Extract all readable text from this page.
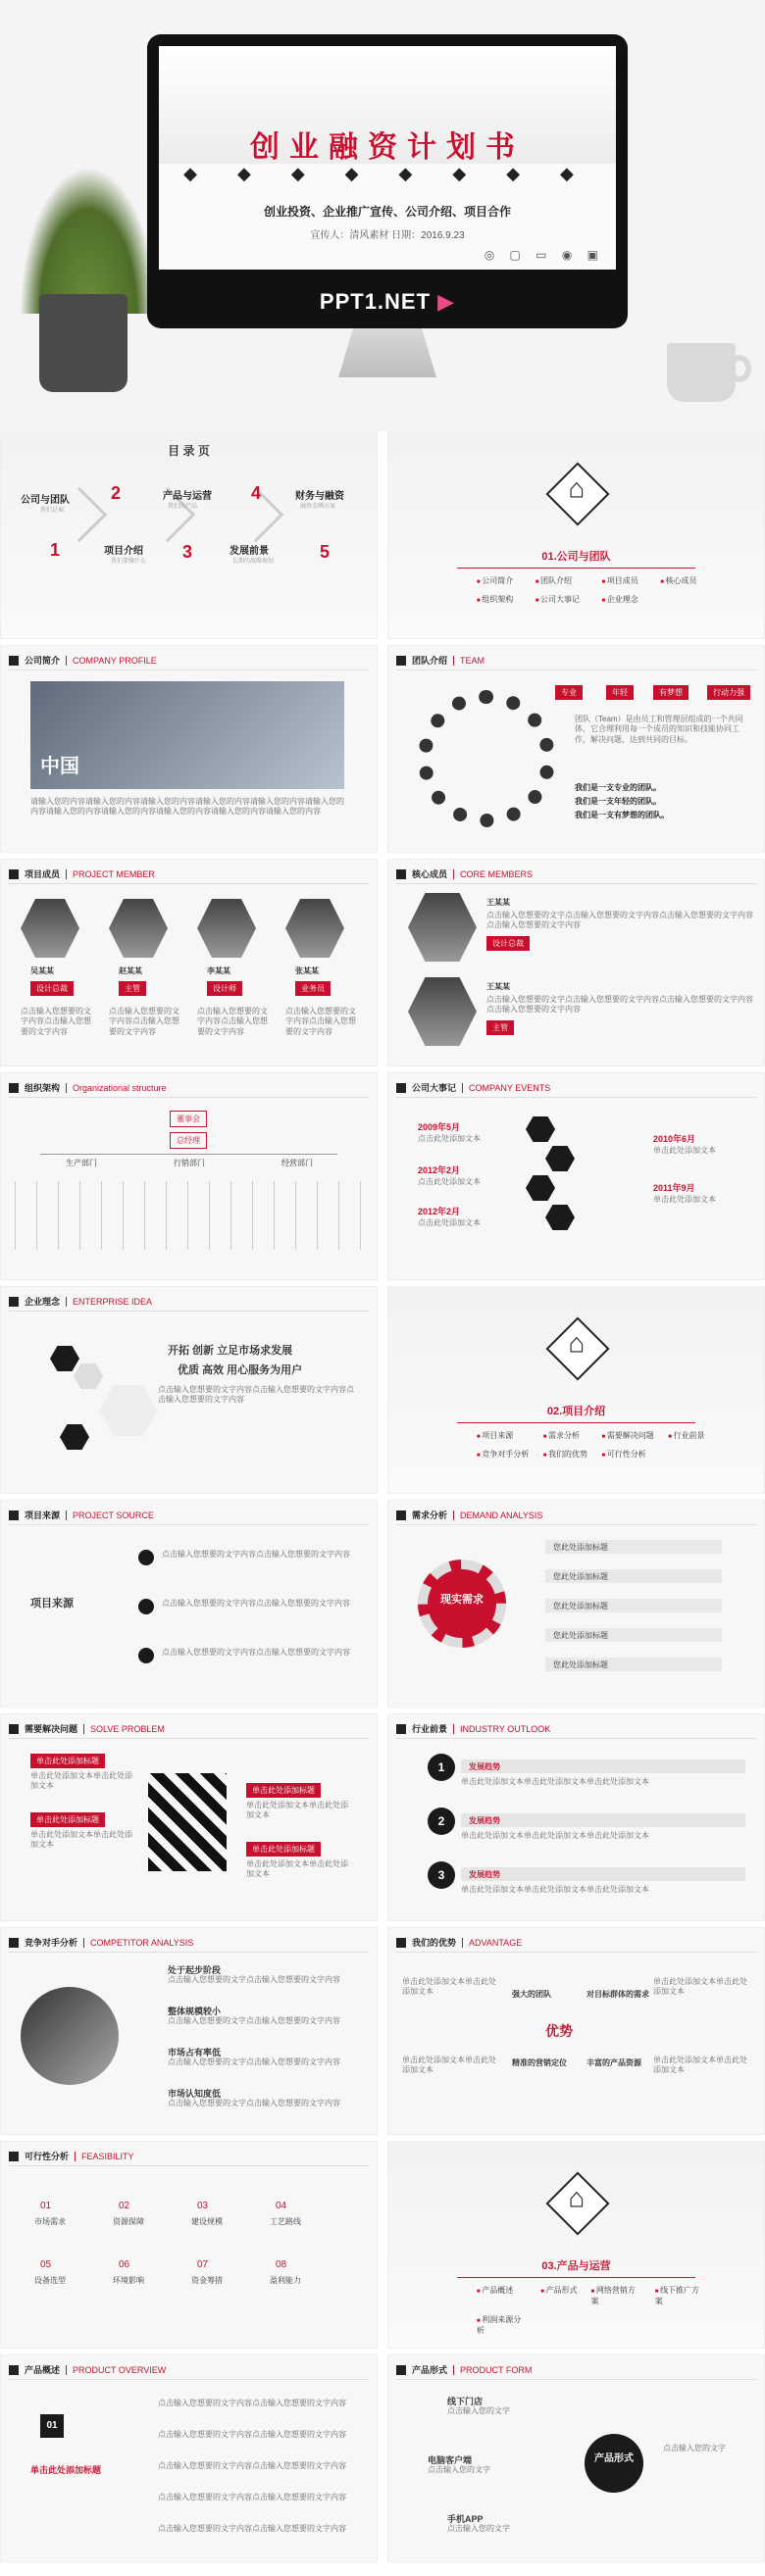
创业融资计划书
◆ ◆ ◆ ◆ ◆ ◆ ◆ ◆
创业投资、企业推广宣传、公司介绍、项目合作
宣传人：清风素材 日期：2016.9.23
◎ ▢ ▭ ◉ ▣
PPT1.NET ▶
目 录 页
公司与团队
我们是谁
1
2
项目介绍
我们要做什么
产品与运营
我们的产品
3
4
发展前景
长期的战略规划
财务与融资
融资金额方案
5
⌂	01.公司与团队
■ 公司简介	■ 团队介绍	■ 项目成员	■ 核心成员
■ 组织架构	■ 公司大事记	■ 企业理念
公司简介	COMPANY PROFILE
中国
请输入您的内容请输入您的内容请输入您的内容请输入您的内容请输入您的内容请输入您的内容请输入您的内容请输入您的内容请输入您的内容请输入您的内容请输入您的内容
团队介绍	TEAM
专业	年轻	有梦想	行动力强
团队（Team）是由员工和管理层组成的一个共同体，它合理利用每一个成员的知识和技能协同工作，解决问题，达到共同的目标。
我们是一支专业的团队。
我们是一支年轻的团队。
我们是一支有梦想的团队。
项目成员	PROJECT MEMBER
吴某某	赵某某	李某某	张某某
设计总裁	主管	设计师	业务员
点击输入您想要的文字内容点击输入您想要的文字内容
点击输入您想要的文字内容点击输入您想要的文字内容
点击输入您想要的文字内容点击输入您想要的文字内容
点击输入您想要的文字内容点击输入您想要的文字内容
核心成员	CORE MEMBERS
王某某
设计总裁
点击输入您想要的文字点击输入您想要的文字内容点击输入您想要的文字内容点击输入您想要的文字内容
王某某
主管
点击输入您想要的文字点击输入您想要的文字内容点击输入您想要的文字内容点击输入您想要的文字内容
组织架构	Organizational structure
董事会
总经理
生产部门	行销部门	经营部门
公司大事记	COMPANY EVENTS
2009年5月
点击此处添加文本	2010年6月
单击此处添加文本
2012年2月
点击此处添加文本
2011年9月
单击此处添加文本
2012年2月
点击此处添加文本
企业理念	ENTERPRISE IDEA
开拓 创新 立足市场求发展
优质 高效 用心服务为用户
点击输入您想要的文字内容点击输入您想要的文字内容点击输入您想要的文字内容
⌂
02.项目介绍
■ 项目来源	■ 需求分析	■ 需要解决问题	■ 行业前景
■ 竞争对手分析	■ 我们的优势	■ 可行性分析
项目来源	PROJECT SOURCE
项目来源
点击输入您想要的文字内容点击输入您想要的文字内容
点击输入您想要的文字内容点击输入您想要的文字内容
点击输入您想要的文字内容点击输入您想要的文字内容
需求分析	DEMAND ANALYSIS
现实需求
您此处添加标题
您此处添加标题
您此处添加标题
您此处添加标题
您此处添加标题
需要解决问题	SOLVE PROBLEM
单击此处添加标题
单击此处添加文本单击此处添加文本
单击此处添加标题
单击此处添加文本单击此处添加文本
单击此处添加标题
单击此处添加文本单击此处添加文本
单击此处添加标题
单击此处添加文本单击此处添加文本
行业前景	INDUSTRY OUTLOOK
1
2
3
发展趋势
单击此处添加文本单击此处添加文本单击此处添加文本
发展趋势
单击此处添加文本单击此处添加文本单击此处添加文本
发展趋势
单击此处添加文本单击此处添加文本单击此处添加文本
竞争对手分析	COMPETITOR ANALYSIS
处于起步阶段
点击输入您想要的文字点击输入您想要的文字内容
整体规模较小
点击输入您想要的文字点击输入您想要的文字内容
市场占有率低
点击输入您想要的文字点击输入您想要的文字内容
市场认知度低
点击输入您想要的文字点击输入您想要的文字内容
我们的优势	ADVANTAGE
优势
单击此处添加文本单击此处添加文本
单击此处添加文本单击此处添加文本
单击此处添加文本单击此处添加文本
单击此处添加文本单击此处添加文本
强大的团队	对目标群体的需求
精准的营销定位	丰富的产品资源
可行性分析	FEASIBILITY
01
市场需求
02
资源保障
03
建设规模
04
工艺路线
05
设备选型
06
环境影响
07
资金筹措
08
盈利能力
⌂
03.产品与运营
■ 产品概述	■ 产品形式	■ 网络营销方案
■ 线下推广方案
■ 利润来源分析
产品概述	PRODUCT OVERVIEW
01
单击此处添加标题
点击输入您想要的文字内容点击输入您想要的文字内容
点击输入您想要的文字内容点击输入您想要的文字内容
点击输入您想要的文字内容点击输入您想要的文字内容
点击输入您想要的文字内容点击输入您想要的文字内容
点击输入您想要的文字内容点击输入您想要的文字内容
产品形式	PRODUCT FORM
产品形式
线下门店
点击输入您的文字
电脑客户端
点击输入您的文字
手机APP
点击输入您的文字
点击输入您的文字
